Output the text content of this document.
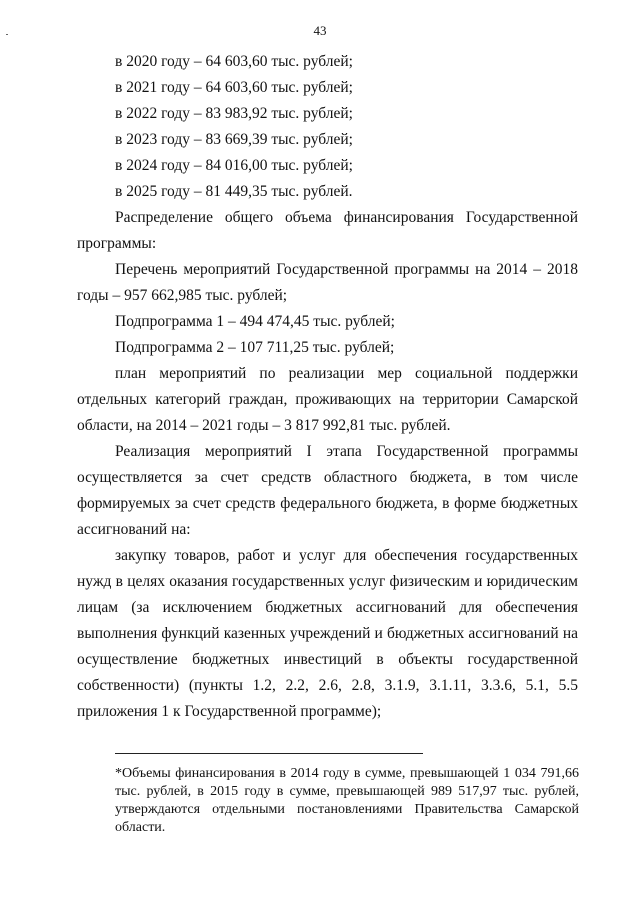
43

в 2020 году – 64 603,60 тыс. рублей;

в 2021 году – 64 603,60 тыс. рублей;

в 2022 году – 83 983,92 тыс. рублей;

в 2023 году – 83 669,39 тыс. рублей;

в 2024 году – 84 016,00 тыс. рублей;

в 2025 году – 81 449,35 тыс. рублей.

Распределение общего объема финансирования Государственной программы:

Перечень мероприятий Государственной программы на 2014 – 2018 годы – 957 662,985 тыс. рублей;

Подпрограмма 1 – 494 474,45 тыс. рублей;

Подпрограмма 2 – 107 711,25 тыс. рублей;

план мероприятий по реализации мер социальной поддержки отдельных категорий граждан, проживающих на территории Самарской области, на 2014 – 2021 годы – 3 817 992,81 тыс. рублей.

Реализация мероприятий I этапа Государственной программы осуществляется за счет средств областного бюджета, в том числе формируемых за счет средств федерального бюджета, в форме бюджетных ассигнований на:

закупку товаров, работ и услуг для обеспечения государственных нужд в целях оказания государственных услуг физическим и юридическим лицам (за исключением бюджетных ассигнований для обеспечения выполнения функций казенных учреждений и бюджетных ассигнований на осуществление бюджетных инвестиций в объекты государственной собственности) (пункты 1.2, 2.2, 2.6, 2.8, 3.1.9, 3.1.11, 3.3.6, 5.1, 5.5 приложения 1 к Государственной программе);

*Объемы финансирования в 2014 году в сумме, превышающей 1 034 791,66 тыс. рублей, в 2015 году в сумме, превышающей 989 517,97 тыс. рублей, утверждаются отдельными постановлениями Правительства Самарской области.
